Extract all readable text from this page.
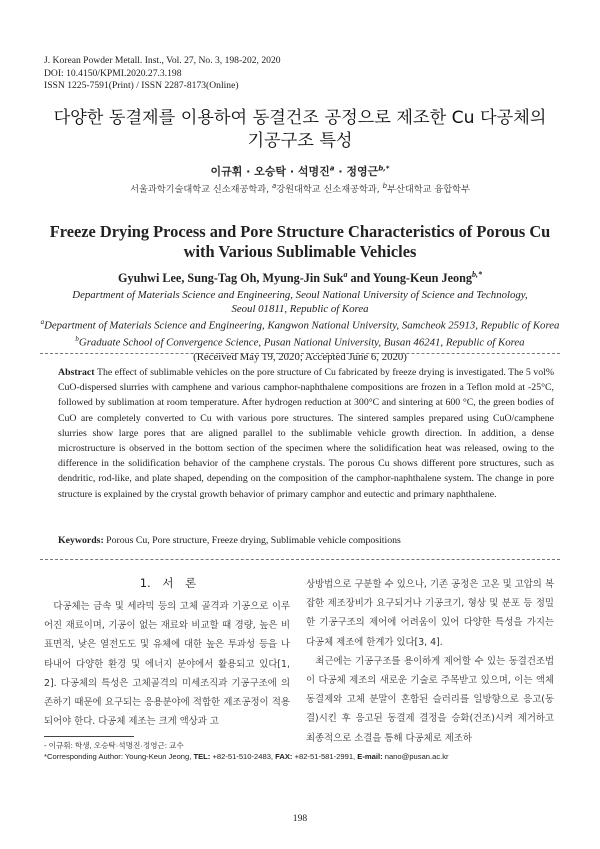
J. Korean Powder Metall. Inst., Vol. 27, No. 3, 198-202, 2020
DOI: 10.4150/KPMI.2020.27.3.198
ISSN 1225-7591(Print) / ISSN 2287-8173(Online)
다양한 동결제를 이용하여 동결건조 공정으로 제조한 Cu 다공체의
기공구조 특성
이규휘 · 오승탁 · 석명진$^a$ · 정영근$^{b,*}$
서울과학기술대학교 신소재공학과, $^a$강원대학교 신소재공학과, $^b$부산대학교 융합학부
Freeze Drying Process and Pore Structure Characteristics of Porous Cu
with Various Sublimable Vehicles
Gyuhwi Lee, Sung-Tag Oh, Myung-Jin Suk$^a$ and Young-Keun Jeong$^{b,*}$
Department of Materials Science and Engineering, Seoul National University of Science and Technology,
Seoul 01811, Republic of Korea
$^a$Department of Materials Science and Engineering, Kangwon National University, Samcheok 25913, Republic of Korea
$^b$Graduate School of Convergence Science, Pusan National University, Busan 46241, Republic of Korea
(Received May 19, 2020; Accepted June 6, 2020)
Abstract The effect of sublimable vehicles on the pore structure of Cu fabricated by freeze drying is investigated. The 5 vol% CuO-dispersed slurries with camphene and various camphor-naphthalene compositions are frozen in a Teflon mold at -25°C, followed by sublimation at room temperature. After hydrogen reduction at 300°C and sintering at 600 °C, the green bodies of CuO are completely converted to Cu with various pore structures. The sintered samples prepared using CuO/camphene slurries show large pores that are aligned parallel to the sublimable vehicle growth direction. In addition, a dense microstructure is observed in the bottom section of the specimen where the solidification heat was released, owing to the difference in the solidification behavior of the camphene crystals. The porous Cu shows different pore structures, such as dendritic, rod-like, and plate shaped, depending on the composition of the camphor-naphthalene system. The change in pore structure is explained by the crystal growth behavior of primary camphor and eutectic and primary naphthalene.
Keywords: Porous Cu, Pore structure, Freeze drying, Sublimable vehicle compositions
1. 서 론

다공체는 금속 및 세라믹 등의 고체 골격과 기공으로 이루어진 재료이며, 기공이 없는 재료와 비교할 때 경량, 높은 비표면적, 낮은 열전도도 및 유체에 대한 높은 투과성 등을 나타내어 다양한 환경 및 에너지 분야에서 활용되고 있다[1, 2]. 다공체의 특성은 고체골격의 미세조직과 기공구조에 의존하기 때문에 요구되는 응용분야에 적합한 제조공정이 적용되어야 한다. 다공체 제조는 크게 액상과 고

상방법으로 구분할 수 있으나, 기존 공정은 고온 및 고압의 복잡한 제조장비가 요구되거나 기공크기, 형상 및 분포 등 정밀한 기공구조의 제어에 어려움이 있어 다양한 특성을 가지는 다공체 제조에 한계가 있다[3, 4].

최근에는 기공구조를 용이하게 제어할 수 있는 동결건조법이 다공체 제조의 새로운 기술로 주목받고 있으며, 이는 액체 동결제와 고체 분말이 혼합된 슬러리를 일방향으로 응고(동결)시킨 후 응고된 동결제 결정을 승화(건조)시켜 제거하고 최종적으로 소결을 통해 다공체로 제조하

- 이규휘: 학생, 오승탁·석명진·정영근: 교수
*Corresponding Author: Young-Keun Jeong, TEL: +82-51-510-2483, FAX: +82-51-581-2991, E-mail: nano@pusan.ac.kr
198
